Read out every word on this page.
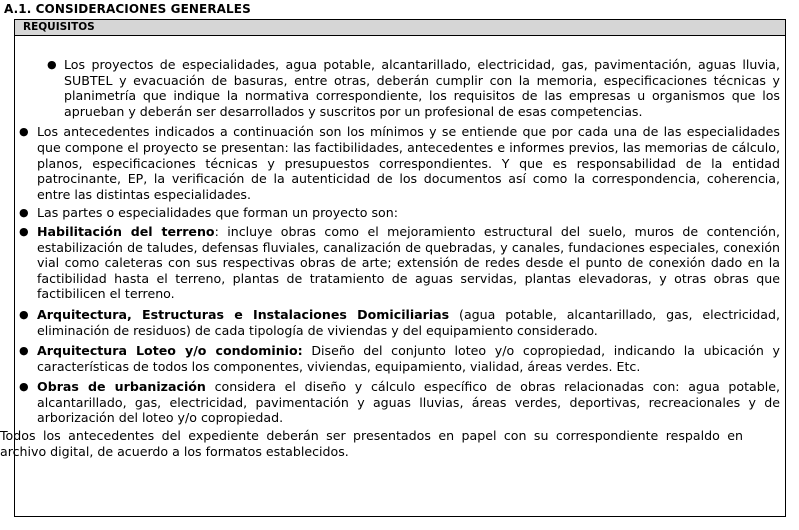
A.1. CONSIDERACIONES GENERALES
REQUISITOS
● Los proyectos de especialidades, agua potable, alcantarillado, electricidad, gas, pavimentación, aguas lluvia, SUBTEL y evacuación de basuras, entre otras, deberán cumplir con la memoria, especificaciones técnicas y planimetría que indique la normativa correspondiente, los requisitos de las empresas u organismos que los aprueban y deberán ser desarrollados y suscritos por un profesional de esas competencias.
● Los antecedentes indicados a continuación son los mínimos y se entiende que por cada una de las especialidades que compone el proyecto se presentan: las factibilidades, antecedentes e informes previos, las memorias de cálculo, planos, especificaciones técnicas y presupuestos correspondientes. Y que es responsabilidad de la entidad patrocinante, EP, la verificación de la autenticidad de los documentos así como la correspondencia, coherencia, entre las distintas especialidades.
● Las partes o especialidades que forman un proyecto son:
● Habilitación del terreno: incluye obras como el mejoramiento estructural del suelo, muros de contención, estabilización de taludes, defensas fluviales, canalización de quebradas, y canales, fundaciones especiales, conexión vial como caleteras con sus respectivas obras de arte; extensión de redes desde el punto de conexión dado en la factibilidad hasta el terreno, plantas de tratamiento de aguas servidas, plantas elevadoras, y otras obras que factibilicen el terreno.
● Arquitectura, Estructuras e Instalaciones Domiciliarias (agua potable, alcantarillado, gas, electricidad, eliminación de residuos) de cada tipología de viviendas y del equipamiento considerado.
● Arquitectura Loteo y/o condominio: Diseño del conjunto loteo y/o copropiedad, indicando la ubicación y características de todos los componentes, viviendas, equipamiento, vialidad, áreas verdes. Etc.
● Obras de urbanización considera el diseño y cálculo específico de obras relacionadas con: agua potable, alcantarillado, gas, electricidad, pavimentación y aguas lluvias, áreas verdes, deportivas, recreacionales y de arborización del loteo y/o copropiedad.
Todos los antecedentes del expediente deberán ser presentados en papel con su correspondiente respaldo en archivo digital, de acuerdo a los formatos establecidos.
